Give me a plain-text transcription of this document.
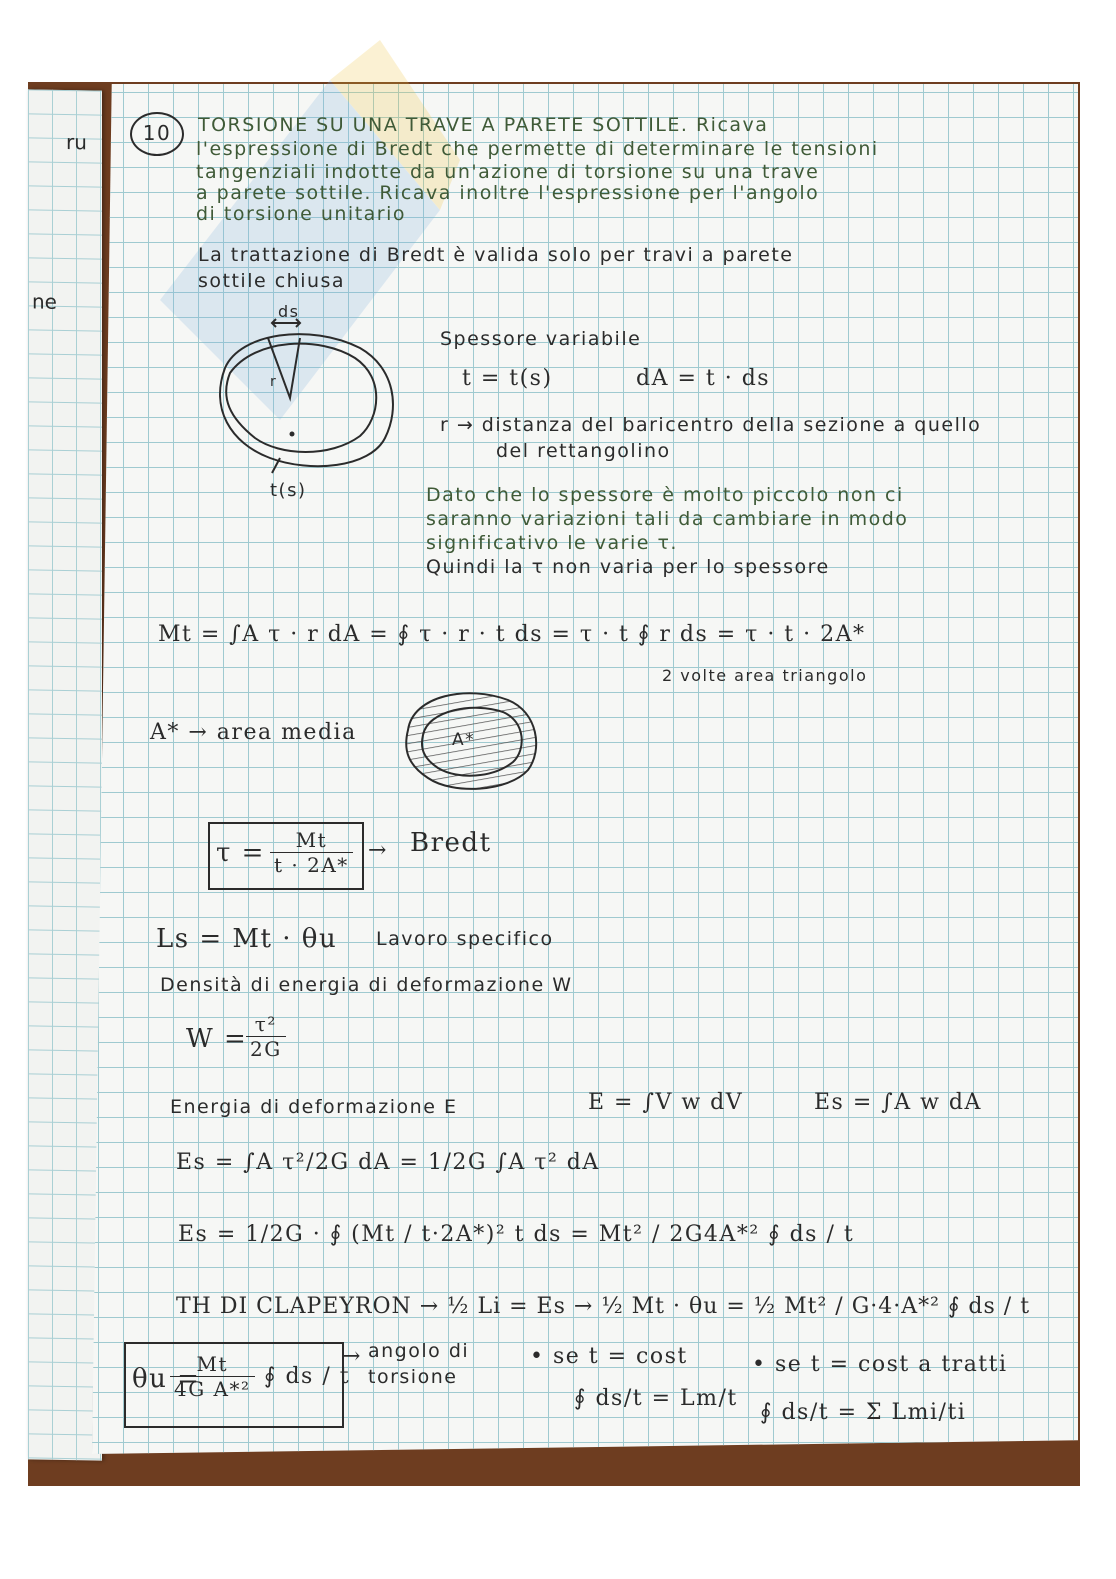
ru
ne
10	TORSIONE SU UNA TRAVE A PARETE SOTTILE. Ricava
l'espressione di Bredt che permette di determinare le tensioni
tangenziali indotte da un'azione di torsione su una trave
a parete sottile. Ricava inoltre l'espressione per l'angolo
di torsione unitario
La trattazione di Bredt è valida solo per travi a parete
sottile chiusa
ds
r
t(s)
Spessore variabile
t = t(s)	dA = t · ds
r → distanza del baricentro della sezione a quello
del rettangolino
Dato che lo spessore è molto piccolo non ci
saranno variazioni tali da cambiare in modo
significativo le varie τ.
Quindi la τ non varia per lo spessore
Mt = ∫A τ · r dA = ∮ τ · r · t ds = τ · t ∮ r ds = τ · t · 2A*
2 volte area triangolo
A* → area media	A*
$\tau = \frac{Mt}{t \cdot 2A*}$ → Bredt
Ls = Mt · θu Lavoro specifico
Densità di energia di deformazione W
W =
$\frac{\text{τ²}}{2G}$
Energia di deformazione E	E = ∫V w dV	Es = ∫A w dA
Es = ∫A τ²/2G dA = 1/2G ∫A τ² dA
Es = 1/2G · ∮ (Mt / t·2A*)² t ds = Mt² / 2G4A*² ∮ ds / t
TH DI CLAPEYRON → ½ Li = Es → ½ Mt · θu = ½ Mt² / G·4·A*² ∮ ds / t
θu =
$\frac{Mt}{\text{4G A*²}}$ ∮ ds / t
→ angolo di
torsione
• se t = cost
∮ ds/t = Lm/t
• se t = cost a tratti
∮ ds/t = Σ Lmi/ti
